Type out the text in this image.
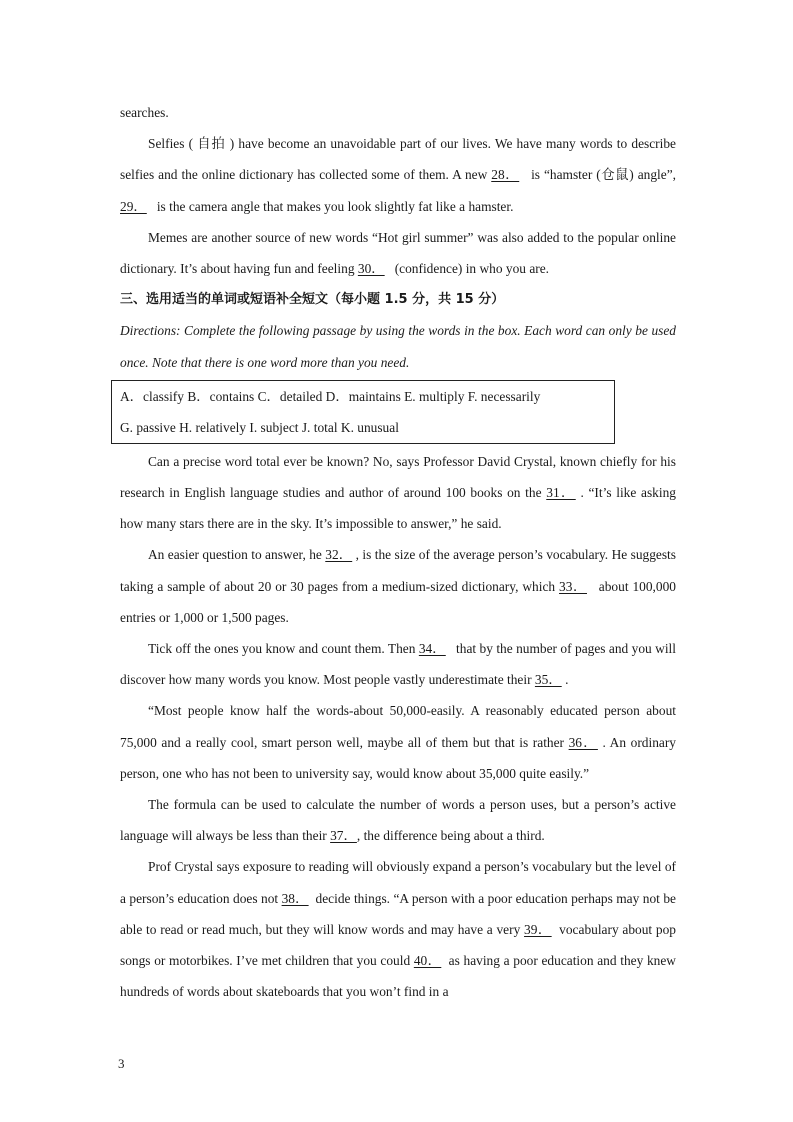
searches.

Selfies ( 自拍 ) have become an unavoidable part of our lives. We have many words to describe selfies and the online dictionary has collected some of them. A new 28．   is “hamster (仓鼠) angle”, 29．   is the camera angle that makes you look slightly fat like a hamster.

Memes are another source of new words “Hot girl summer” was also added to the popular online dictionary. It’s about having fun and feeling 30．   (confidence) in who you are.

三、选用适当的单词或短语补全短文（每小题 1.5 分，共 15 分）

Directions: Complete the following passage by using the words in the box. Each word can only be used once. Note that there is one word more than you need.

A．classify B．contains C．detailed D．maintains E. multiply F. necessarily

G. passive H. relatively I. subject J. total K. unusual

Can a precise word total ever be known? No, says Professor David Crystal, known chiefly for his research in English language studies and author of around 100 books on the 31． . “It’s like asking how many stars there are in the sky. It’s impossible to answer,” he said.

An easier question to answer, he 32． , is the size of the average person’s vocabulary. He suggests taking a sample of about 20 or 30 pages from a medium-sized dictionary, which 33．   about 100,000 entries or 1,000 or 1,500 pages.

Tick off the ones you know and count them. Then 34．   that by the number of pages and you will discover how many words you know. Most people vastly underestimate their 35． .

“Most people know half the words-about 50,000-easily. A reasonably educated person about 75,000 and a really cool, smart person well, maybe all of them but that is rather 36． . An ordinary person, one who has not been to university say, would know about 35,000 quite easily.”

The formula can be used to calculate the number of words a person uses, but a person’s active language will always be less than their 37．, the difference being about a third.

Prof Crystal says exposure to reading will obviously expand a person’s vocabulary but the level of a person’s education does not 38．  decide things. “A person with a poor education perhaps may not be able to read or read much, but they will know words and may have a very 39．  vocabulary about pop songs or motorbikes. I’ve met children that you could 40．  as having a poor education and they knew hundreds of words about skateboards that you won’t find in a

3
